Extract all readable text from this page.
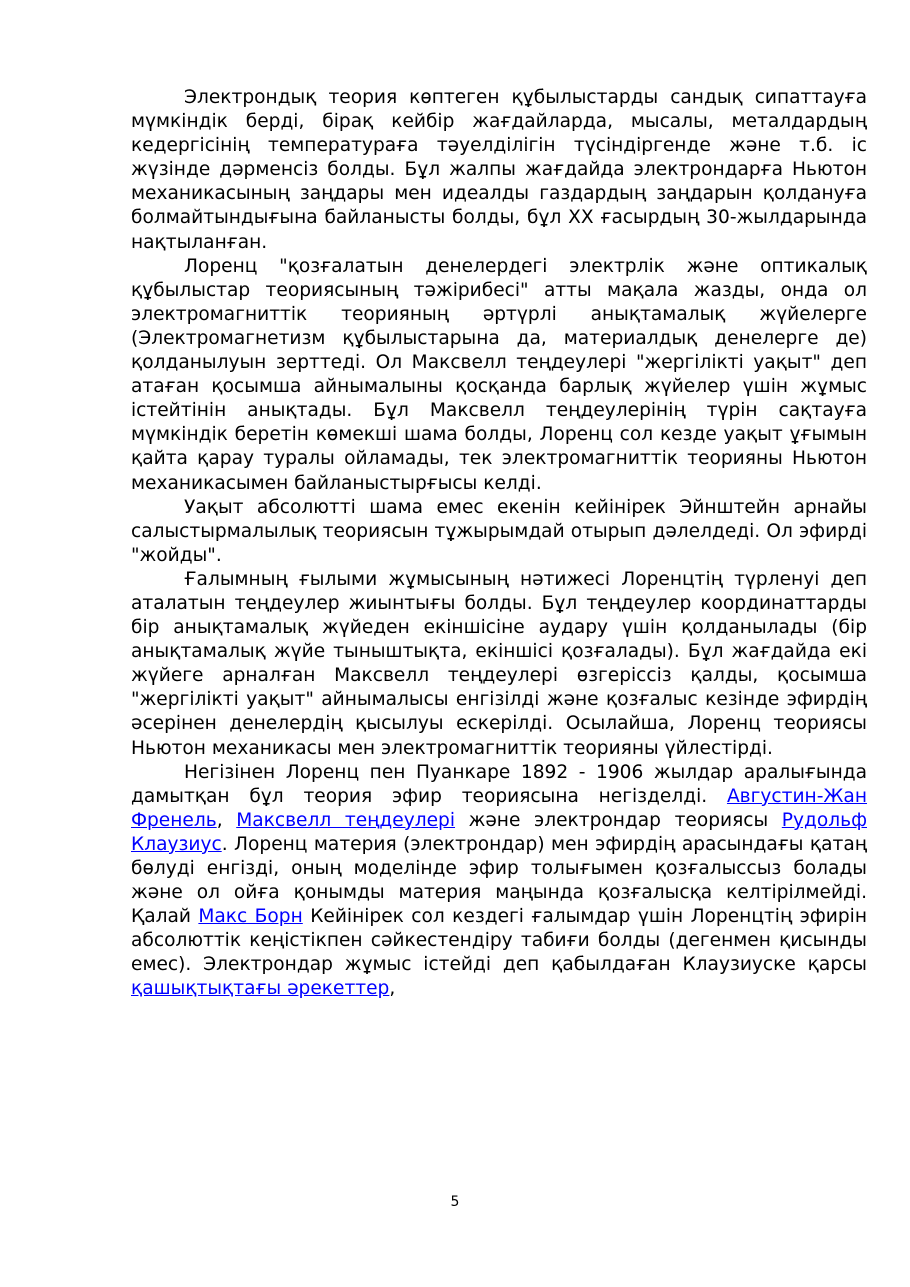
Электрондық теория көптеген құбылыстарды сандық сипаттауға мүмкіндік берді, бірақ кейбір жағдайларда, мысалы, металдардың кедергісінің температураға тәуелділігін түсіндіргенде және т.б. іс жүзінде дәрменсіз болды. Бұл жалпы жағдайда электрондарға Ньютон механикасының заңдары мен идеалды газдардың заңдарын қолдануға болмайтындығына байланысты болды, бұл XX ғасырдың 30-жылдарында нақтыланған.

Лоренц "қозғалатын денелердегі электрлік және оптикалық құбылыстар теориясының тәжірибесі" атты мақала жазды, онда ол электромагниттік теорияның әртүрлі анықтамалық жүйелерге (Электромагнетизм құбылыстарына да, материалдық денелерге де) қолданылуын зерттеді. Ол Максвелл теңдеулері "жергілікті уақыт" деп атаған қосымша айнымалыны қосқанда барлық жүйелер үшін жұмыс істейтінін анықтады. Бұл Максвелл теңдеулерінің түрін сақтауға мүмкіндік беретін көмекші шама болды, Лоренц сол кезде уақыт ұғымын қайта қарау туралы ойламады, тек электромагниттік теорияны Ньютон механикасымен байланыстырғысы келді.

Уақыт абсолютті шама емес екенін кейінірек Эйнштейн арнайы салыстырмалылық теориясын тұжырымдай отырып дәлелдеді. Ол эфирді "жойды".

Ғалымның ғылыми жұмысының нәтижесі Лоренцтің түрленуі деп аталатын теңдеулер жиынтығы болды. Бұл теңдеулер координаттарды бір анықтамалық жүйеден екіншісіне аудару үшін қолданылады (бір анықтамалық жүйе тыныштықта, екіншісі қозғалады). Бұл жағдайда екі жүйеге арналған Максвелл теңдеулері өзгеріссіз қалды, қосымша "жергілікті уақыт" айнымалысы енгізілді және қозғалыс кезінде эфирдің әсерінен денелердің қысылуы ескерілді. Осылайша, Лоренц теориясы Ньютон механикасы мен электромагниттік теорияны үйлестірді.

Негізінен Лоренц пен Пуанкаре 1892 - 1906 жылдар аралығында дамытқан бұл теория эфир теориясына негізделді. Августин-Жан Френель, Максвелл теңдеулері және электрондар теориясы Рудольф Клаузиус. Лоренц материя (электрондар) мен эфирдің арасындағы қатаң бөлуді енгізді, оның моделінде эфир толығымен қозғалыссыз болады және ол ойға қонымды материя маңында қозғалысқа келтірілмейді. Қалай Макс Борн Кейінірек сол кездегі ғалымдар үшін Лоренцтің эфирін абсолюттік кеңістікпен сәйкестендіру табиғи болды (дегенмен қисынды емес). Электрондар жұмыс істейді деп қабылдаған Клаузиуске қарсы қашықтықтағы әрекеттер,

5
